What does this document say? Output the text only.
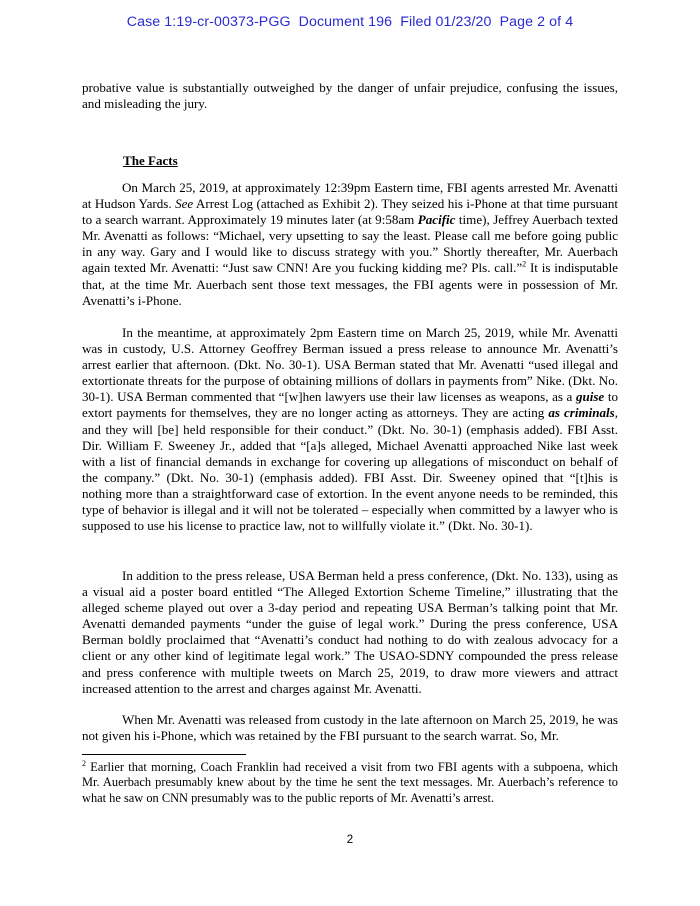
Case 1:19-cr-00373-PGG Document 196 Filed 01/23/20 Page 2 of 4

probative value is substantially outweighed by the danger of unfair prejudice, confusing the issues, and misleading the jury.

The Facts

On March 25, 2019, at approximately 12:39pm Eastern time, FBI agents arrested Mr. Avenatti at Hudson Yards. See Arrest Log (attached as Exhibit 2). They seized his i-Phone at that time pursuant to a search warrant. Approximately 19 minutes later (at 9:58am Pacific time), Jeffrey Auerbach texted Mr. Avenatti as follows: “Michael, very upsetting to say the least. Please call me before going public in any way. Gary and I would like to discuss strategy with you.” Shortly thereafter, Mr. Auerbach again texted Mr. Avenatti: “Just saw CNN! Are you fucking kidding me? Pls. call.”$^2$ It is indisputable that, at the time Mr. Auerbach sent those text messages, the FBI agents were in possession of Mr. Avenatti’s i-Phone.

In the meantime, at approximately 2pm Eastern time on March 25, 2019, while Mr. Avenatti was in custody, U.S. Attorney Geoffrey Berman issued a press release to announce Mr. Avenatti’s arrest earlier that afternoon. (Dkt. No. 30-1). USA Berman stated that Mr. Avenatti “used illegal and extortionate threats for the purpose of obtaining millions of dollars in payments from” Nike. (Dkt. No. 30-1). USA Berman commented that “[w]hen lawyers use their law licenses as weapons, as a guise to extort payments for themselves, they are no longer acting as attorneys. They are acting as criminals, and they will [be] held responsible for their conduct.” (Dkt. No. 30-1) (emphasis added). FBI Asst. Dir. William F. Sweeney Jr., added that “[a]s alleged, Michael Avenatti approached Nike last week with a list of financial demands in exchange for covering up allegations of misconduct on behalf of the company.” (Dkt. No. 30-1) (emphasis added). FBI Asst. Dir. Sweeney opined that “[t]his is nothing more than a straightforward case of extortion. In the event anyone needs to be reminded, this type of behavior is illegal and it will not be tolerated – especially when committed by a lawyer who is supposed to use his license to practice law, not to willfully violate it.” (Dkt. No. 30-1).

In addition to the press release, USA Berman held a press conference, (Dkt. No. 133), using as a visual aid a poster board entitled “The Alleged Extortion Scheme Timeline,” illustrating that the alleged scheme played out over a 3-day period and repeating USA Berman’s talking point that Mr. Avenatti demanded payments “under the guise of legal work.” During the press conference, USA Berman boldly proclaimed that “Avenatti’s conduct had nothing to do with zealous advocacy for a client or any other kind of legitimate legal work.” The USAO-SDNY compounded the press release and press conference with multiple tweets on March 25, 2019, to draw more viewers and attract increased attention to the arrest and charges against Mr. Avenatti.

When Mr. Avenatti was released from custody in the late afternoon on March 25, 2019, he was not given his i-Phone, which was retained by the FBI pursuant to the search warrat. So, Mr.

$^2$ Earlier that morning, Coach Franklin had received a visit from two FBI agents with a subpoena, which Mr. Auerbach presumably knew about by the time he sent the text messages. Mr. Auerbach’s reference to what he saw on CNN presumably was to the public reports of Mr. Avenatti’s arrest.
2
